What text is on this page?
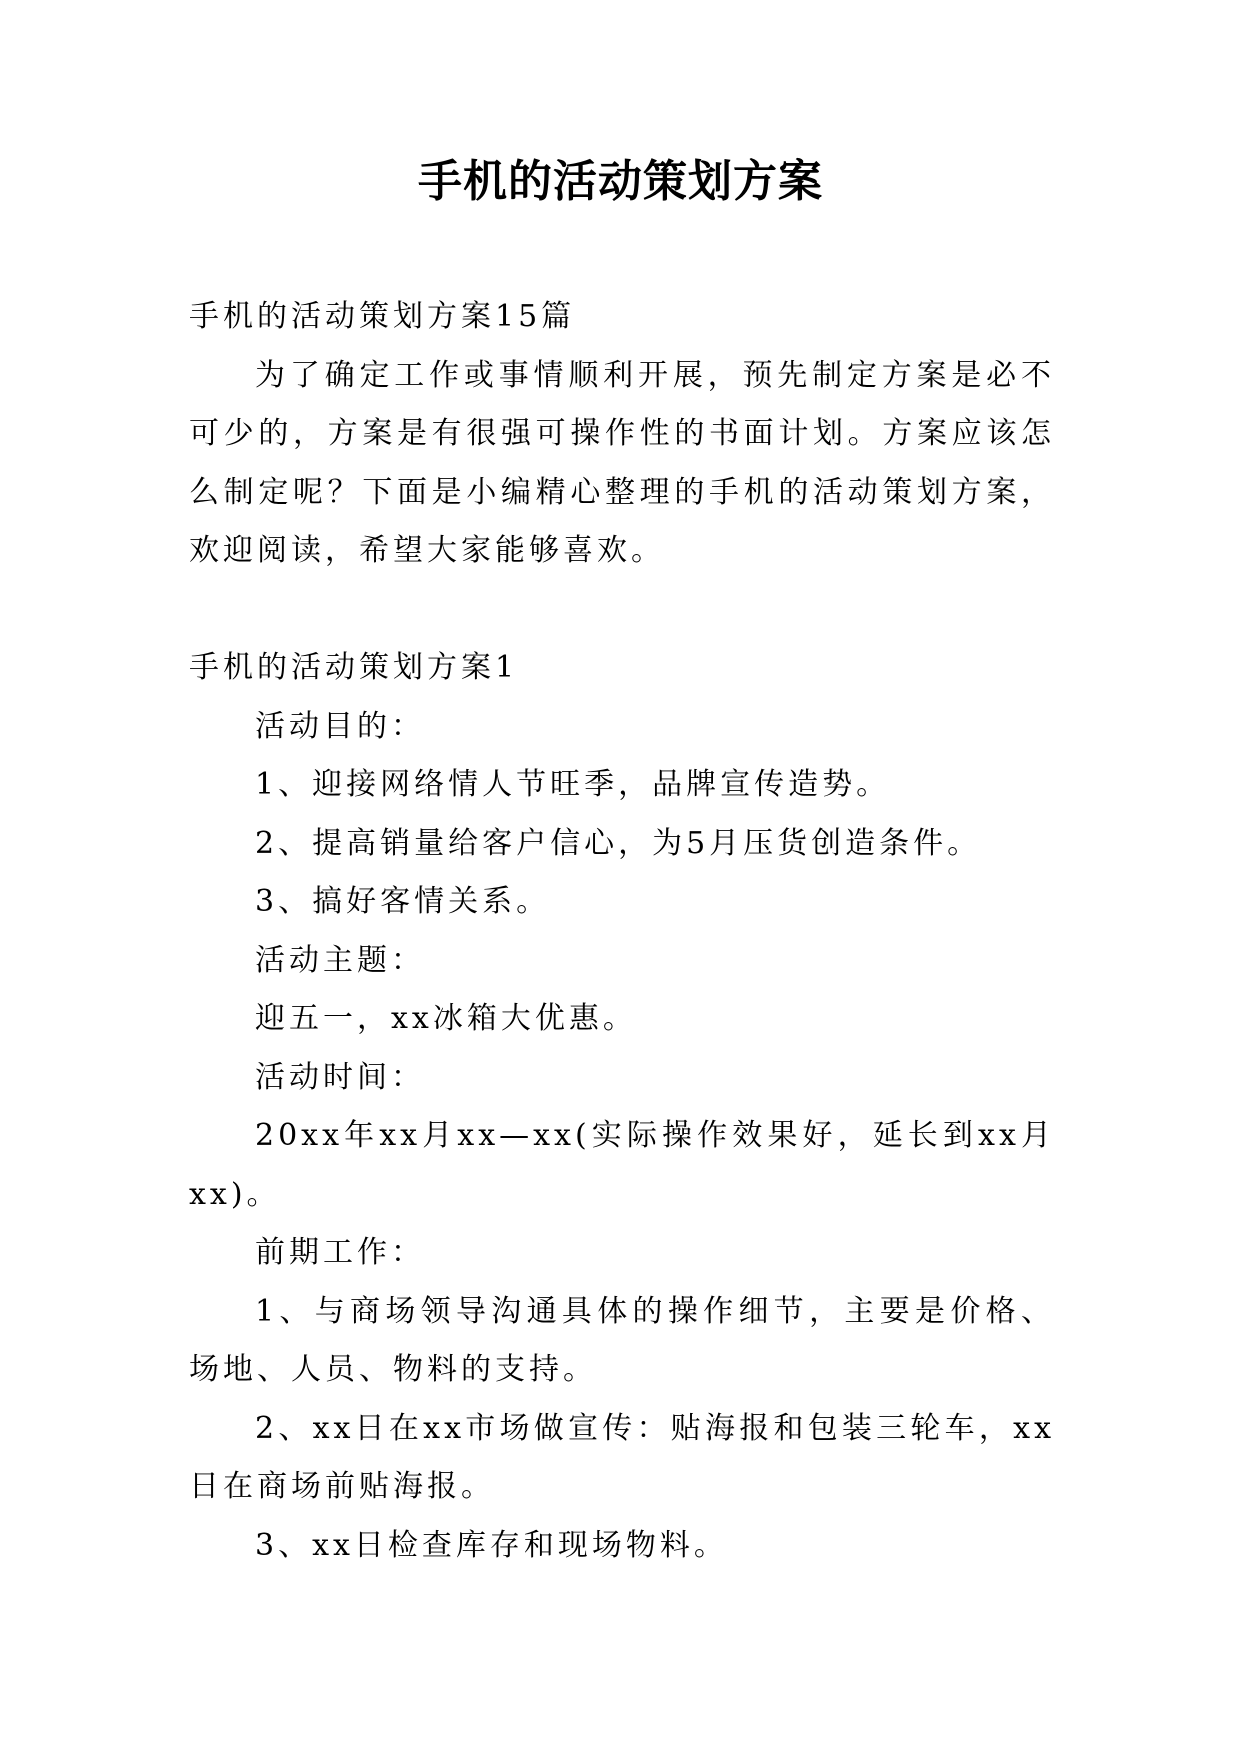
手机的活动策划方案

手机的活动策划方案15篇

为了确定工作或事情顺利开展，预先制定方案是必不可少的，方案是有很强可操作性的书面计划。方案应该怎么制定呢？下面是小编精心整理的手机的活动策划方案，欢迎阅读，希望大家能够喜欢。

手机的活动策划方案1

活动目的：

1、迎接网络情人节旺季，品牌宣传造势。

2、提高销量给客户信心，为5月压货创造条件。

3、搞好客情关系。

活动主题：

迎五一，xx冰箱大优惠。

活动时间：

20xx年xx月xx—xx(实际操作效果好，延长到xx月xx)。

前期工作：

1、与商场领导沟通具体的操作细节，主要是价格、场地、人员、物料的支持。

2、xx日在xx市场做宣传：贴海报和包装三轮车，xx日在商场前贴海报。

3、xx日检查库存和现场物料。
